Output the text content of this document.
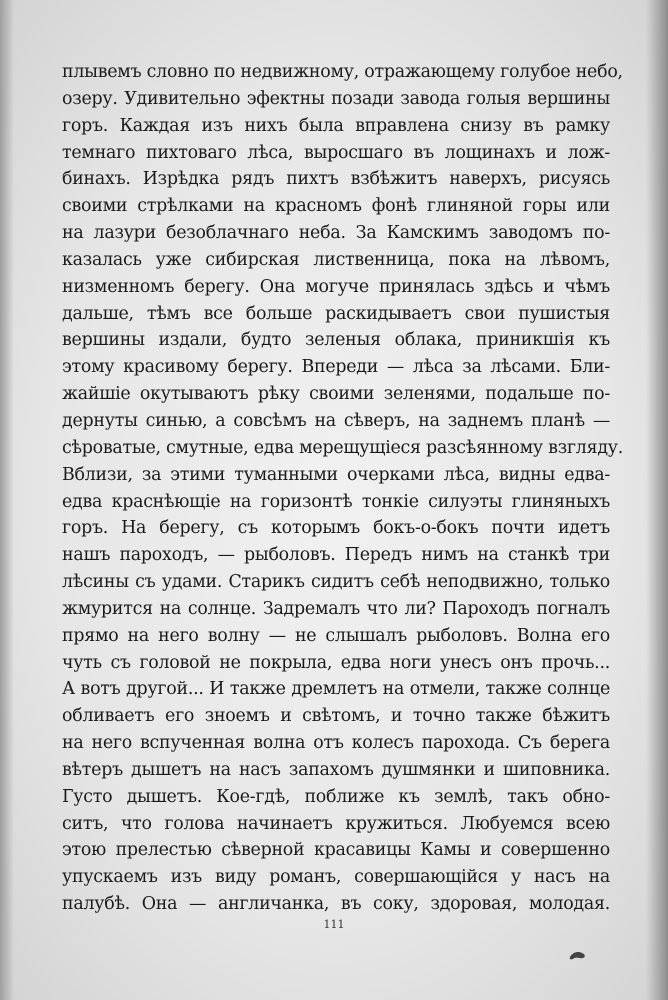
плывемъ словно по недвижному, отражающему голубое небо,
озеру. Удивительно эфектны позади завода голыя вершины
горъ. Каждая изъ нихъ была вправлена снизу въ рамку
темнаго пихтоваго лѣса, выросшаго въ лощинахъ и лож-
бинахъ. Изрѣдка рядъ пихтъ взбѣжитъ наверхъ, рисуясь
своими стрѣлками на красномъ фонѣ глиняной горы или
на лазури безоблачнаго неба. За Камскимъ заводомъ по-
казалась уже сибирская лиственница, пока на лѣвомъ,
низменномъ берегу. Она могуче принялась здѣсь и чѣмъ
дальше, тѣмъ все больше раскидываетъ свои пушистыя
вершины издали, будто зеленыя облака, приникшія къ
этому красивому берегу. Впереди — лѣса за лѣсами. Бли-
жайшіе окутываютъ рѣку своими зеленями, подальше по-
дернуты синью, а совсѣмъ на сѣверъ, на заднемъ планѣ —
сѣроватые, смутные, едва мерещущіеся разсѣянному взгляду.
Вблизи, за этими туманными очерками лѣса, видны едва-
едва краснѣющіе на горизонтѣ тонкіе силуэты глиняныхъ
горъ. На берегу, съ которымъ бокъ-о-бокъ почти идетъ
нашъ пароходъ, — рыболовъ. Передъ нимъ на станкѣ три
лѣсины съ удами. Старикъ сидитъ себѣ неподвижно, только
жмурится на солнце. Задремалъ что ли? Пароходъ погналъ
прямо на него волну — не слышалъ рыболовъ. Волна его
чуть съ головой не покрыла, едва ноги унесъ онъ прочь...
А вотъ другой... И также дремлетъ на отмели, также солнце
обливаетъ его зноемъ и свѣтомъ, и точно также бѣжитъ
на него вспученная волна отъ колесъ парохода. Съ берега
вѣтеръ дышетъ на насъ запахомъ душмянки и шиповника.
Густо дышетъ. Кое-гдѣ, поближе къ землѣ, такъ обно-
ситъ, что голова начинаетъ кружиться. Любуемся всею
этою прелестью сѣверной красавицы Камы и совершенно
упускаемъ изъ виду романъ, совершающійся у насъ на
палубѣ. Она — англичанка, въ соку, здоровая, молодая.
111
